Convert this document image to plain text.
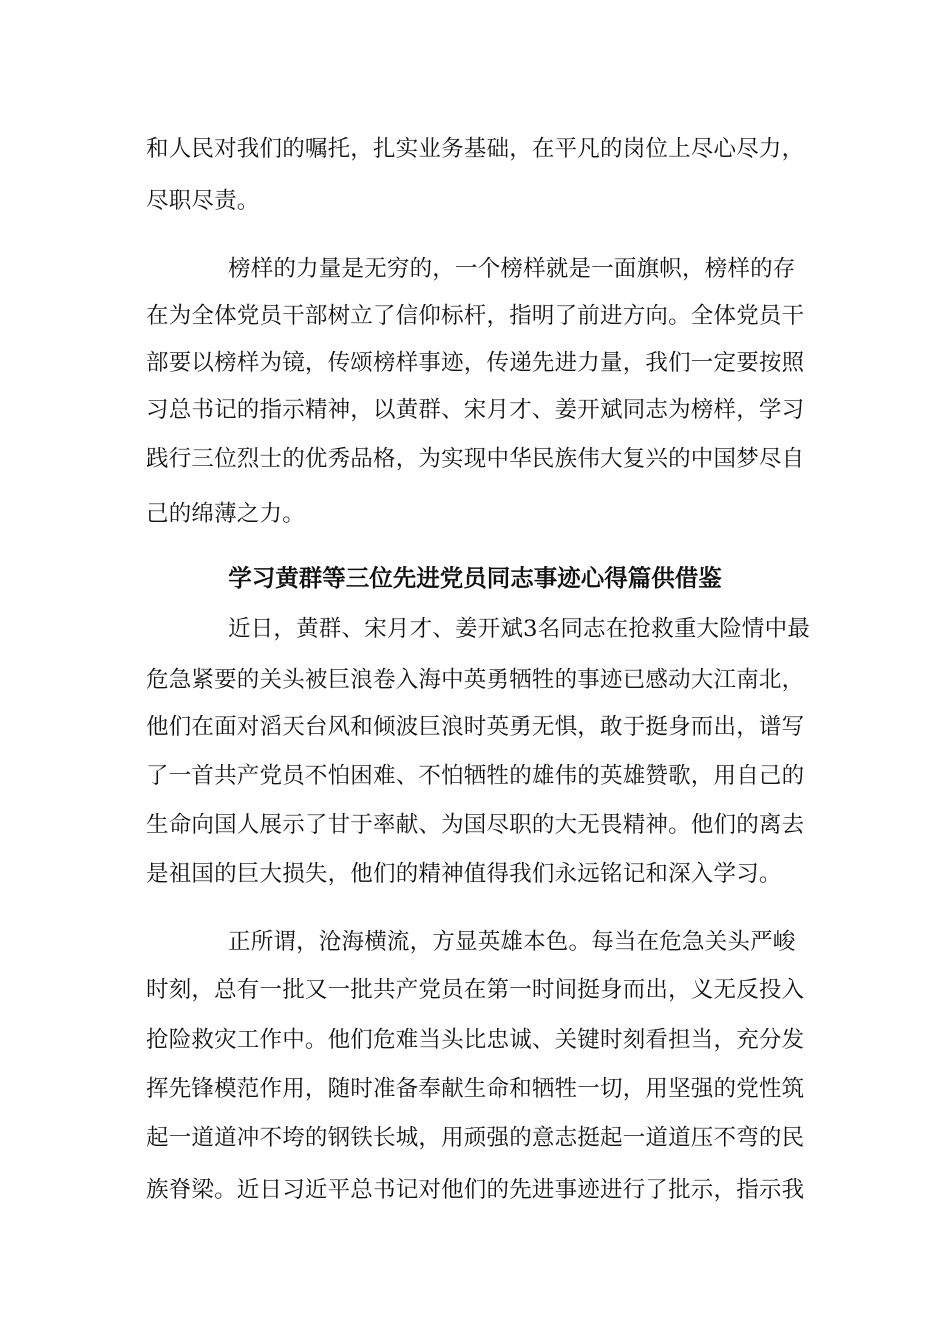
和人民对我们的嘱托，扎实业务基础，在平凡的岗位上尽心尽力，
尽职尽责。
榜样的力量是无穷的，一个榜样就是一面旗帜，榜样的存
在为全体党员干部树立了信仰标杆，指明了前进方向。全体党员干
部要以榜样为镜，传颂榜样事迹，传递先进力量，我们一定要按照
习总书记的指示精神，以黄群、宋月才、姜开斌同志为榜样，学习
践行三位烈士的优秀品格，为实现中华民族伟大复兴的中国梦尽自
己的绵薄之力。
学习黄群等三位先进党员同志事迹心得篇供借鉴
近日，黄群、宋月才、姜开斌3名同志在抢救重大险情中最
危急紧要的关头被巨浪卷入海中英勇牺牲的事迹已感动大江南北，
他们在面对滔天台风和倾波巨浪时英勇无惧，敢于挺身而出，谱写
了一首共产党员不怕困难、不怕牺牲的雄伟的英雄赞歌，用自己的
生命向国人展示了甘于率献、为国尽职的大无畏精神。他们的离去
是祖国的巨大损失，他们的精神值得我们永远铭记和深入学习。
正所谓，沧海横流，方显英雄本色。每当在危急关头严峻
时刻，总有一批又一批共产党员在第一时间挺身而出，义无反投入
抢险救灾工作中。他们危难当头比忠诚、关键时刻看担当，充分发
挥先锋模范作用，随时准备奉献生命和牺牲一切，用坚强的党性筑
起一道道冲不垮的钢铁长城，用顽强的意志挺起一道道压不弯的民
族脊梁。近日习近平总书记对他们的先进事迹进行了批示，指示我
